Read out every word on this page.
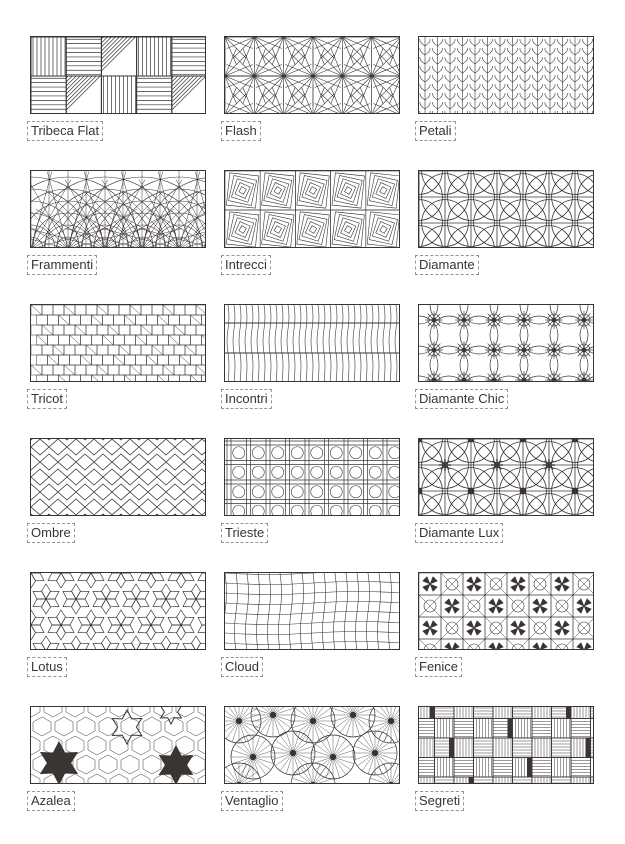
Tribeca Flat	Flash	Petali
Frammenti	Intrecci	Diamante
Tricot	Incontri	Diamante Chic
Ombre	Trieste	Diamante Lux
Lotus	Cloud	Fenice
Azalea	Ventaglio	Segreti
